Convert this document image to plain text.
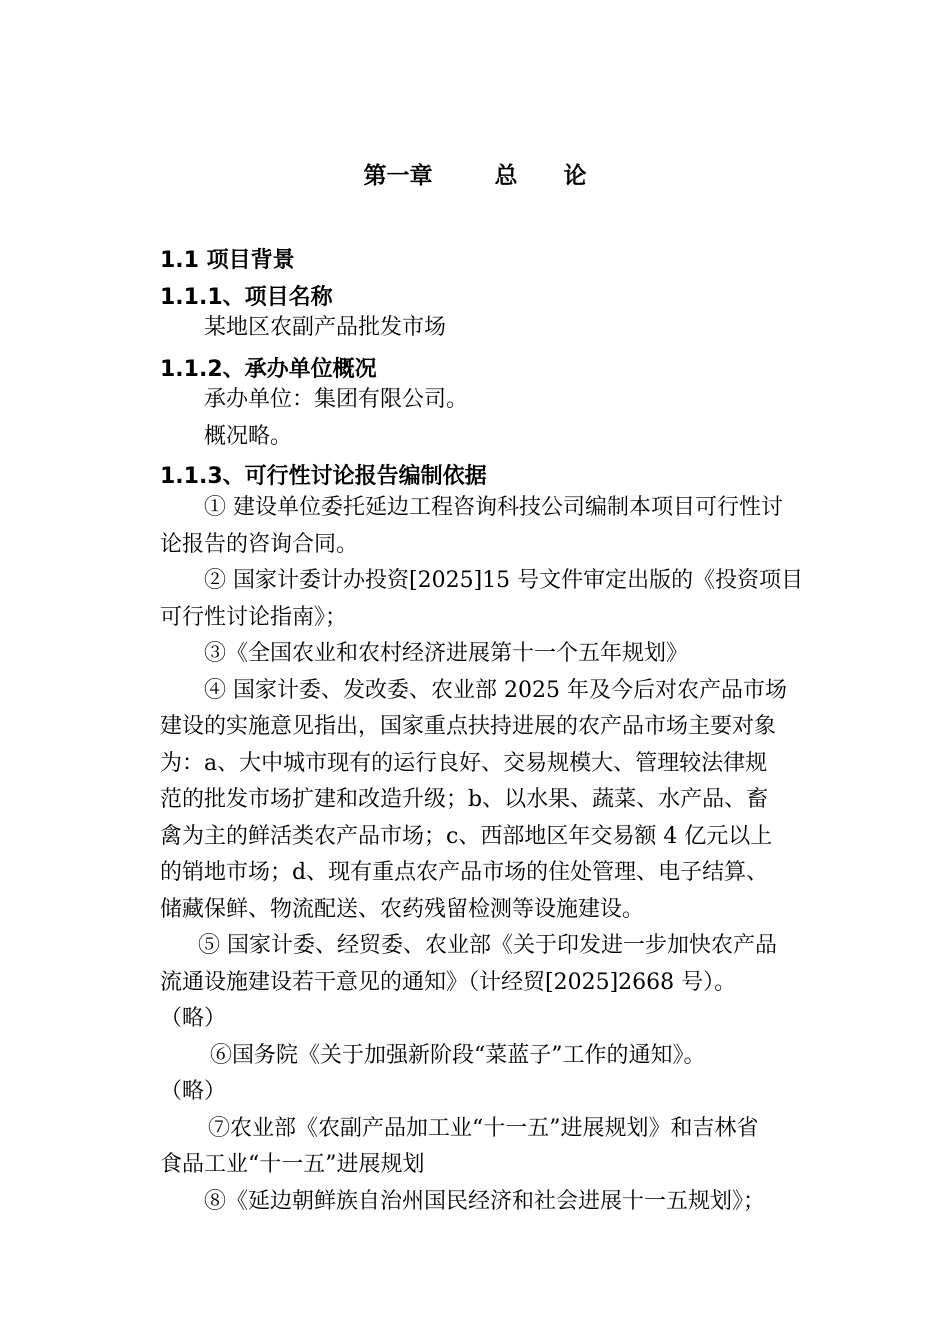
第一章	总 论
1.1 项目背景
1.1.1、项目名称
某地区农副产品批发市场
1.1.2、承办单位概况
承办单位：集团有限公司。
概况略。
1.1.3、可行性讨论报告编制依据
① 建设单位委托延边工程咨询科技公司编制本项目可行性讨
论报告的咨询合同。
② 国家计委计办投资[2025]15 号文件审定出版的《投资项目
可行性讨论指南》；
③《全国农业和农村经济进展第十一个五年规划》
④ 国家计委、发改委、农业部 2025 年及今后对农产品市场
建设的实施意见指出，国家重点扶持进展的农产品市场主要对象
为：a、大中城市现有的运行良好、交易规模大、管理较法律规
范的批发市场扩建和改造升级；b、以水果、蔬菜、水产品、畜
禽为主的鲜活类农产品市场；c、西部地区年交易额 4 亿元以上
的销地市场；d、现有重点农产品市场的住处管理、电子结算、
储藏保鲜、物流配送、农药残留检测等设施建设。
⑤ 国家计委、经贸委、农业部《关于印发进一步加快农产品
流通设施建设若干意见的通知》（计经贸[2025]2668 号）。
（略）
⑥国务院《关于加强新阶段“菜蓝子”工作的通知》。
（略）
⑦农业部《农副产品加工业“十一五”进展规划》和吉林省
食品工业“十一五”进展规划
⑧《延边朝鲜族自治州国民经济和社会进展十一五规划》；
